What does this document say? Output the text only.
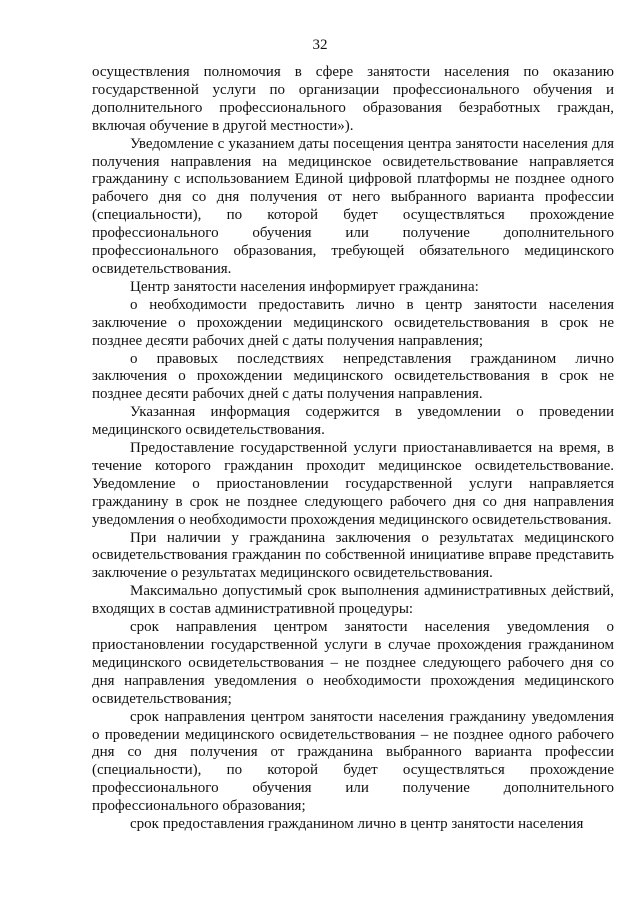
32

осуществления полномочия в сфере занятости населения по оказанию государственной услуги по организации профессионального обучения и дополнительного профессионального образования безработных граждан, включая обучение в другой местности»).

Уведомление с указанием даты посещения центра занятости населения для получения направления на медицинское освидетельствование направляется гражданину с использованием Единой цифровой платформы не позднее одного рабочего дня со дня получения от него выбранного варианта профессии (специальности), по которой будет осуществляться прохождение профессионального обучения или получение дополнительного профессионального образования, требующей обязательного медицинского освидетельствования.

Центр занятости населения информирует гражданина:

о необходимости предоставить лично в центр занятости населения заключение о прохождении медицинского освидетельствования в срок не позднее десяти рабочих дней с даты получения направления;

о правовых последствиях непредставления гражданином лично заключения о прохождении медицинского освидетельствования в срок не позднее десяти рабочих дней с даты получения направления.

Указанная информация содержится в уведомлении о проведении медицинского освидетельствования.

Предоставление государственной услуги приостанавливается на время, в течение которого гражданин проходит медицинское освидетельствование. Уведомление о приостановлении государственной услуги направляется гражданину в срок не позднее следующего рабочего дня со дня направления уведомления о необходимости прохождения медицинского освидетельствования.

При наличии у гражданина заключения о результатах медицинского освидетельствования гражданин по собственной инициативе вправе представить заключение о результатах медицинского освидетельствования.

Максимально допустимый срок выполнения административных действий, входящих в состав административной процедуры:

срок направления центром занятости населения уведомления о приостановлении государственной услуги в случае прохождения гражданином медицинского освидетельствования – не позднее следующего рабочего дня со дня направления уведомления о необходимости прохождения медицинского освидетельствования;

срок направления центром занятости населения гражданину уведомления о проведении медицинского освидетельствования – не позднее одного рабочего дня со дня получения от гражданина выбранного варианта профессии (специальности), по которой будет осуществляться прохождение профессионального обучения или получение дополнительного профессионального образования;

срок предоставления гражданином лично в центр занятости населения
